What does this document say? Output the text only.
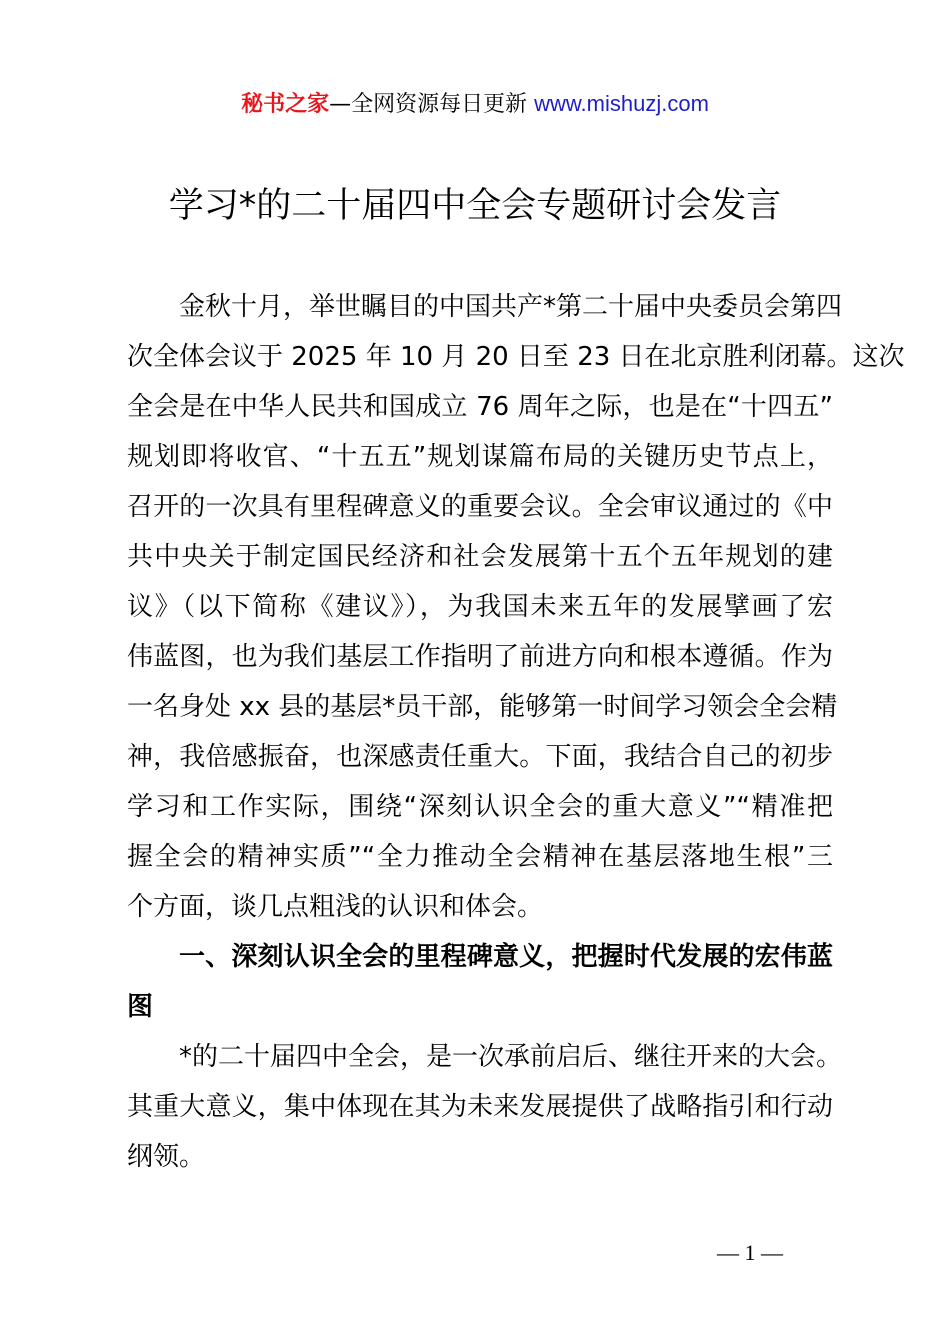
秘书之家—全网资源每日更新 www.mishuzj.com
学习*的二十届四中全会专题研讨会发言
金秋十月，举世瞩目的中国共产*第二十届中央委员会第四
次全体会议于 2025 年 10 月 20 日至 23 日在北京胜利闭幕。这次
全会是在中华人民共和国成立 76 周年之际，也是在“十四五”
规划即将收官、“十五五”规划谋篇布局的关键历史节点上，
召开的一次具有里程碑意义的重要会议。全会审议通过的《中
共中央关于制定国民经济和社会发展第十五个五年规划的建
议》（以下简称《建议》），为我国未来五年的发展擘画了宏
伟蓝图，也为我们基层工作指明了前进方向和根本遵循。作为
一名身处 xx 县的基层*员干部，能够第一时间学习领会全会精
神，我倍感振奋，也深感责任重大。下面，我结合自己的初步
学习和工作实际，围绕“深刻认识全会的重大意义”“精准把
握全会的精神实质”“全力推动全会精神在基层落地生根”三
个方面，谈几点粗浅的认识和体会。
一、深刻认识全会的里程碑意义，把握时代发展的宏伟蓝
图
*的二十届四中全会，是一次承前启后、继往开来的大会。
其重大意义，集中体现在其为未来发展提供了战略指引和行动
纲领。
— 1 —
